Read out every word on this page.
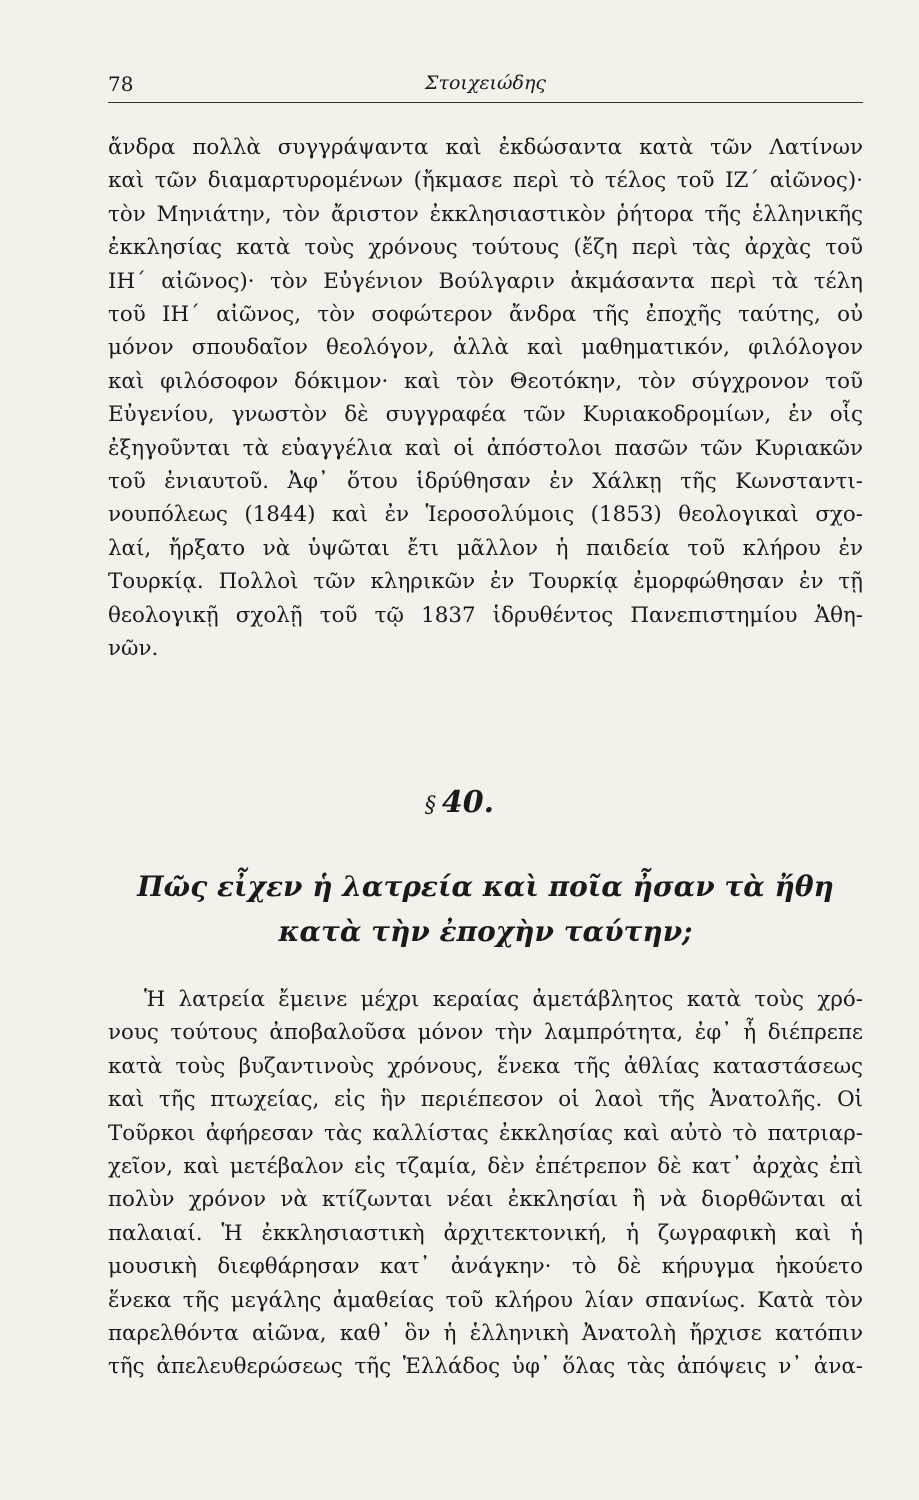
78	Στοιχειώδης
ἄνδρα πολλὰ συγγράψαντα καὶ ἐκδώσαντα κατὰ τῶν Λατίνων
καὶ τῶν διαμαρτυρομένων (ἤκμασε περὶ τὸ τέλος τοῦ ΙΖ΄ αἰῶνος)·
τὸν Μηνιάτην, τὸν ἄριστον ἐκκλησιαστικὸν ῥήτορα τῆς ἑλληνικῆς
ἐκκλησίας κατὰ τοὺς χρόνους τούτους (ἔζη περὶ τὰς ἀρχὰς τοῦ
ΙΗ΄ αἰῶνος)· τὸν Εὐγένιον Βούλγαριν ἀκμάσαντα περὶ τὰ τέλη
τοῦ ΙΗ΄ αἰῶνος, τὸν σοφώτερον ἄνδρα τῆς ἐποχῆς ταύτης, οὐ
μόνον σπουδαῖον θεολόγον, ἀλλὰ καὶ μαθηματικόν, φιλόλογον
καὶ φιλόσοφον δόκιμον· καὶ τὸν Θεοτόκην, τὸν σύγχρονον τοῦ
Εὐγενίου, γνωστὸν δὲ συγγραφέα τῶν Κυριακοδρομίων, ἐν οἷς
ἐξηγοῦνται τὰ εὐαγγέλια καὶ οἱ ἀπόστολοι πασῶν τῶν Κυριακῶν
τοῦ ἐνιαυτοῦ. Ἀφ᾽ ὅτου ἱδρύθησαν ἐν Χάλκῃ τῆς Κωνσταντι-
νουπόλεως (1844) καὶ ἐν Ἱεροσολύμοις (1853) θεολογικαὶ σχο-
λαί, ἤρξατο νὰ ὑψῶται ἔτι μᾶλλον ἡ παιδεία τοῦ κλήρου ἐν
Τουρκίᾳ. Πολλοὶ τῶν κληρικῶν ἐν Τουρκίᾳ ἐμορφώθησαν ἐν τῇ
θεολογικῇ σχολῇ τοῦ τῷ 1837 ἱδρυθέντος Πανεπιστημίου Ἀθη-
νῶν.
§ 40.
Πῶς εἶχεν ἡ λατρεία καὶ ποῖα ἦσαν τὰ ἤθη
κατὰ τὴν ἐποχὴν ταύτην;
Ἡ λατρεία ἔμεινε μέχρι κεραίας ἀμετάβλητος κατὰ τοὺς χρό-
νους τούτους ἀποβαλοῦσα μόνον τὴν λαμπρότητα, ἐφ᾽ ἧ διέπρεπε
κατὰ τοὺς βυζαντινοὺς χρόνους, ἕνεκα τῆς ἀθλίας καταστάσεως
καὶ τῆς πτωχείας, εἰς ἣν περιέπεσον οἱ λαοὶ τῆς Ἀνατολῆς. Οἱ
Τοῦρκοι ἀφήρεσαν τὰς καλλίστας ἐκκλησίας καὶ αὐτὸ τὸ πατριαρ-
χεῖον, καὶ μετέβαλον εἰς τζαμία, δὲν ἐπέτρεπον δὲ κατ᾽ ἀρχὰς ἐπὶ
πολὺν χρόνον νὰ κτίζωνται νέαι ἐκκλησίαι ἢ νὰ διορθῶνται αἱ
παλαιαί. Ἡ ἐκκλησιαστικὴ ἀρχιτεκτονική, ἡ ζωγραφικὴ καὶ ἡ
μουσικὴ διεφθάρησαν κατ᾽ ἀνάγκην· τὸ δὲ κήρυγμα ἠκούετο
ἕνεκα τῆς μεγάλης ἀμαθείας τοῦ κλήρου λίαν σπανίως. Κατὰ τὸν
παρελθόντα αἰῶνα, καθ᾽ ὃν ἡ ἑλληνικὴ Ἀνατολὴ ἤρχισε κατόπιν
τῆς ἀπελευθερώσεως τῆς Ἑλλάδος ὑφ᾽ ὅλας τὰς ἀπόψεις ν᾽ ἀνα-
